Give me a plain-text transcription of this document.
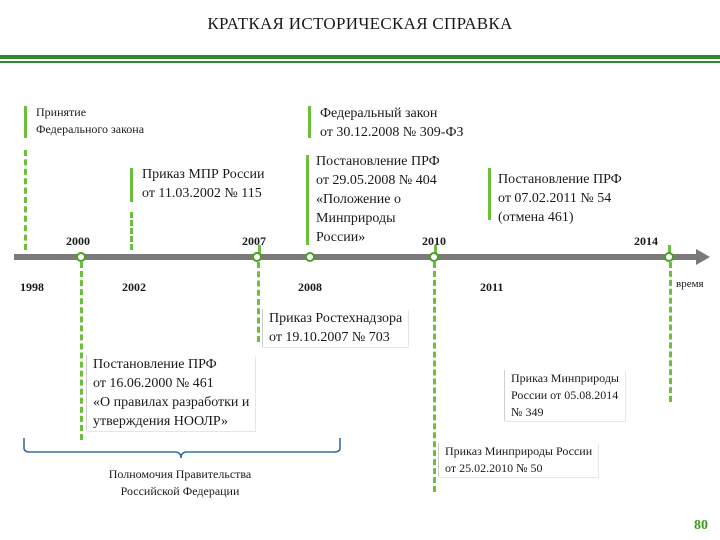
КРАТКАЯ ИСТОРИЧЕСКАЯ СПРАВКА
Принятие
Федерального закона
Федеральный закон
от 30.12.2008 № 309-ФЗ
Приказ МПР России
от 11.03.2002 № 115
Постановление ПРФ
от 29.05.2008 № 404
«Положение о
Минприроды
России»
Постановление ПРФ
от 07.02.2011 № 54
(отмена 461)
1998
2000
2002
2007
2008
2010
2011
2014
время
Приказ Ростехнадзора
от 19.10.2007 № 703
Постановление ПРФ
от 16.06.2000 № 461
«О правилах разработки и
утверждения НООЛР»
Приказ Минприроды
России от 05.08.2014
№ 349
Приказ Минприроды России
от 25.02.2010 № 50
Полномочия Правительства
Российской Федерации
80
